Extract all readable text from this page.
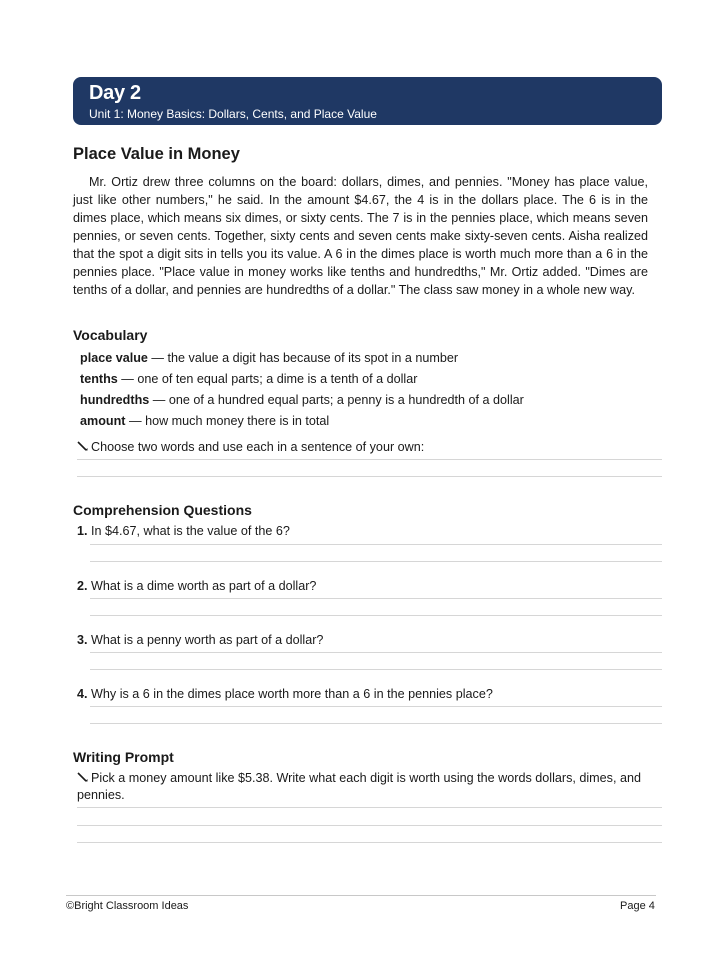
Day 2
Unit 1: Money Basics: Dollars, Cents, and Place Value
Place Value in Money

Mr. Ortiz drew three columns on the board: dollars, dimes, and pennies. "Money has place value, just like other numbers," he said. In the amount $4.67, the 4 is in the dollars place. The 6 is in the dimes place, which means six dimes, or sixty cents. The 7 is in the pennies place, which means seven pennies, or seven cents. Together, sixty cents and seven cents make sixty-seven cents. Aisha realized that the spot a digit sits in tells you its value. A 6 in the dimes place is worth much more than a 6 in the pennies place. "Place value in money works like tenths and hundredths," Mr. Ortiz added. "Dimes are tenths of a dollar, and pennies are hundredths of a dollar." The class saw money in a whole new way.

Vocabulary
place value — the value a digit has because of its spot in a number
tenths — one of ten equal parts; a dime is a tenth of a dollar
hundredths — one of a hundred equal parts; a penny is a hundredth of a dollar
amount — how much money there is in total
Choose two words and use each in a sentence of your own:
Comprehension Questions
1. In $4.67, what is the value of the 6?
2. What is a dime worth as part of a dollar?
3. What is a penny worth as part of a dollar?
4. Why is a 6 in the dimes place worth more than a 6 in the pennies place?
Writing Prompt
Pick a money amount like $5.38. Write what each digit is worth using the words dollars, dimes, and pennies.
©Bright Classroom Ideas	Page 4
